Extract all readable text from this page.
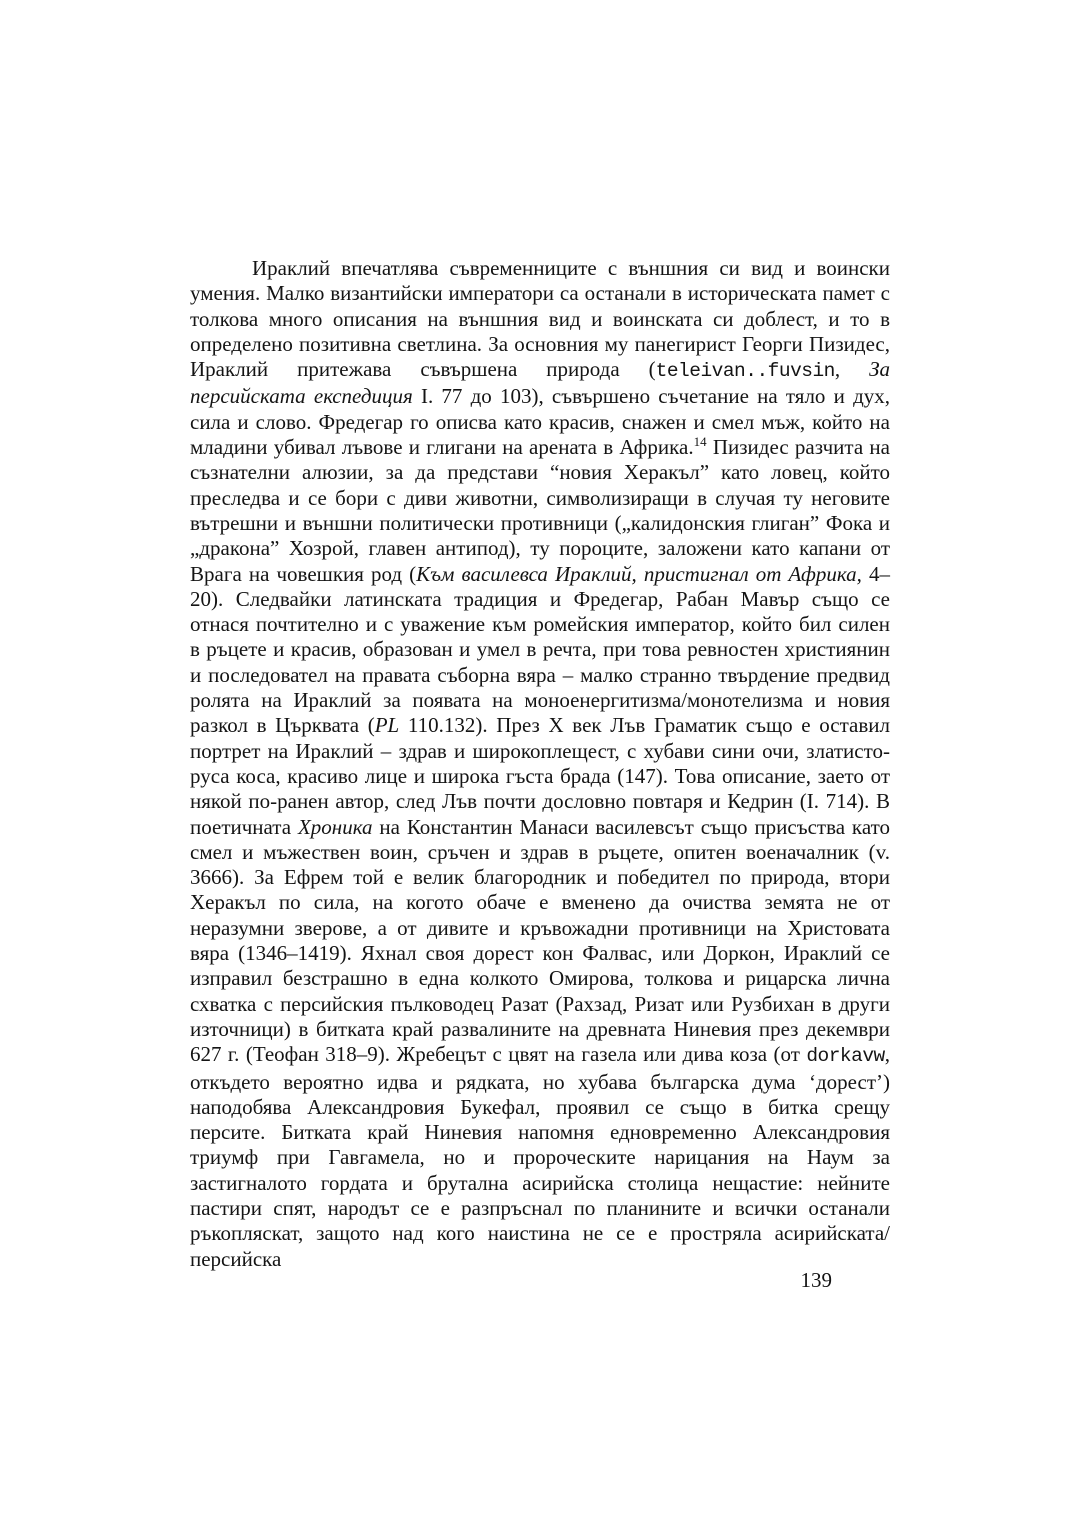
Ираклий впечатлява съвременниците с външния си вид и воински умения. Малко византийски императори са останали в историческата памет с толкова много описания на външния вид и воинската си доблест, и то в определено позитивна светлина. За основния му панегирист Георги Пизидес, Ираклий притежава съвършена природа (teleivan..fuvsin, За персийската експедиция I. 77 до 103), съвършено съчетание на тяло и дух, сила и слово. Фредегар го описва като красив, снажен и смел мъж, който на младини убивал лъвове и глигани на арената в Африка.$^{14}$ Пизидес разчита на съзнателни алюзии, за да представи “новия Херакъл” като ловец, който преследва и се бори с диви животни, символизиращи в случая ту неговите вътрешни и външни политически противници („калидонския глиган” Фока и „дракона” Хозрой, главен антипод), ту пороците, заложени като капани от Врага на човешкия род (Към василевса Ираклий, пристигнал от Африка, 4–20). Следвайки латинската традиция и Фредегар, Рабан Мавър също се отнася почтително и с уважение към ромейския император, който бил силен в ръцете и красив, образован и умел в речта, при това ревностен християнин и последовател на правата съборна вяра – малко странно твърдение предвид ролята на Ираклий за появата на моноенергитизма/монотелизма и новия разкол в Църквата (PL 110.132). През X век Лъв Граматик също е оставил портрет на Ираклий – здрав и широкоплещест, с хубави сини очи, златисто-руса коса, красиво лице и широка гъста брада (147). Това описание, заето от някой по-ранен автор, след Лъв почти дословно повтаря и Кедрин (I. 714). В поетичната Хроника на Константин Манаси василевсът също присъства като смел и мъжествен воин, сръчен и здрав в ръцете, опитен военачалник (v. 3666). За Ефрем той е велик благородник и победител по природа, втори Херакъл по сила, на когото обаче е вменено да очиства земята не от неразумни зверове, а от дивите и кръвожадни противници на Христовата вяра (1346–1419). Яхнал своя дорест кон Фалвас, или Доркон, Ираклий се изправил безстрашно в една колкото Омирова, толкова и рицарска лична схватка с персийския пълководец Разат (Рахзад, Ризат или Рузбихан в други източници) в битката край развалините на древната Ниневия през декември 627 г. (Теофан 318–9). Жребецът с цвят на газела или дива коза (от dorkavw, откъдето вероятно идва и рядката, но хубава българска дума ‘дорест’) наподобява Александровия Букефал, проявил се също в битка срещу персите. Битката край Ниневия напомня едновременно Александровия триумф при Гавгамела, но и пророческите нарицания на Наум за застигналото гордата и брутална асирийска столица нещастие: нейните пастири спят, народът се е разпръснал по планините и всички останали ръкопляскат, защото над кого наистина не се е простряла асирийската/персийска

139
